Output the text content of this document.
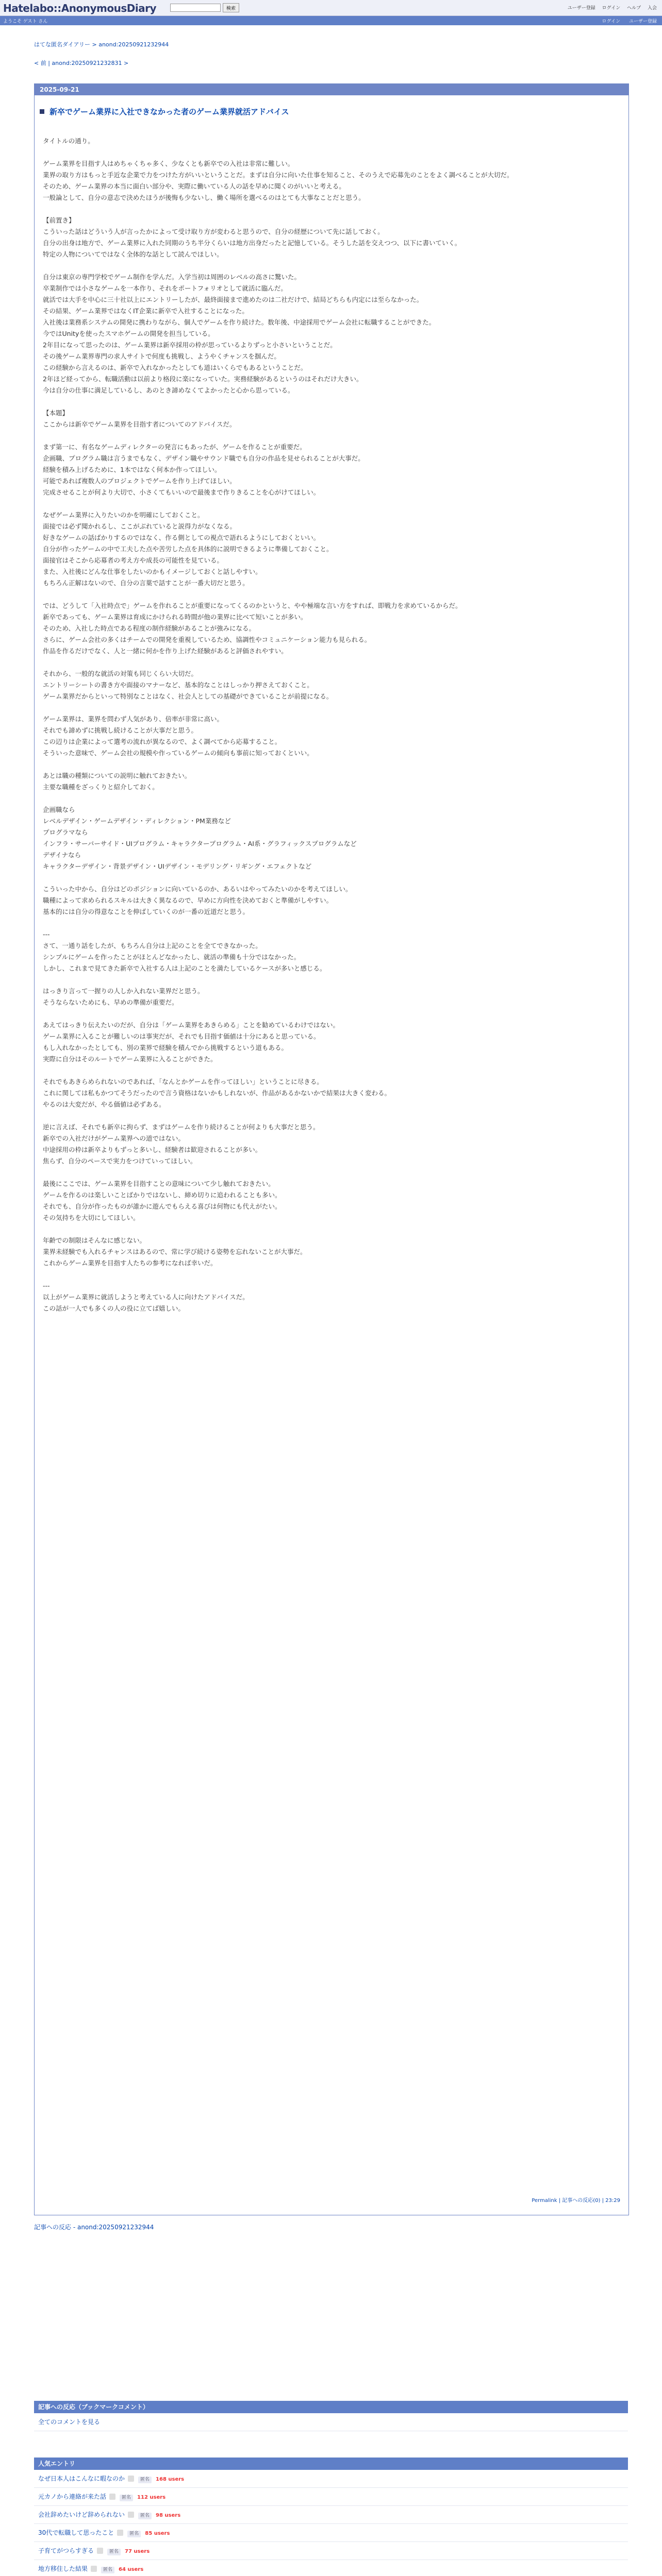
Hatelabo::AnonymousDiary	検索	ユーザー登録 ログイン ヘルプ 入会
ようこそ ゲスト さん	ログイン ユーザー登録
はてな匿名ダイアリー > anond:20250921232944
< 前 | anond:20250921232831 >
2025-09-21
新卒でゲーム業界に入社できなかった者のゲーム業界就活アドバイス
タイトルの通り。
ゲーム業界を目指す人はめちゃくちゃ多く、少なくとも新卒での入社は非常に難しい。
業界の取り方はもっと手近な企業で力をつけた方がいいということだ。まずは自分に向いた仕事を知ること、そのうえで応募先のことをよく調べることが大切だ。
そのため、ゲーム業界の本当に面白い部分や、実際に働いている人の話を早めに聞くのがいいと考える。
一般論として、自分の意志で決めたほうが後悔も少ないし、働く場所を選べるのはとても大事なことだと思う。
【前置き】
こういった話はどういう人が言ったかによって受け取り方が変わると思うので、自分の経歴について先に話しておく。
自分の出身は地方で、ゲーム業界に入れた同期のうち半分くらいは地方出身だったと記憶している。そうした話を交えつつ、以下に書いていく。
特定の人物についてではなく全体的な話として読んでほしい。
自分は東京の専門学校でゲーム制作を学んだ。入学当初は周囲のレベルの高さに驚いた。
卒業制作では小さなゲームを一本作り、それをポートフォリオとして就活に臨んだ。
就活では大手を中心に三十社以上にエントリーしたが、最終面接まで進めたのは二社だけで、結局どちらも内定には至らなかった。
その結果、ゲーム業界ではなくIT企業に新卒で入社することになった。
入社後は業務系システムの開発に携わりながら、個人でゲームを作り続けた。数年後、中途採用でゲーム会社に転職することができた。
今ではUnityを使ったスマホゲームの開発を担当している。
2年目になって思ったのは、ゲーム業界は新卒採用の枠が思っているよりずっと小さいということだ。
その後ゲーム業界専門の求人サイトで何度も挑戦し、ようやくチャンスを掴んだ。
この経験から言えるのは、新卒で入れなかったとしても道はいくらでもあるということだ。
2年ほど経ってから、転職活動は以前より格段に楽になっていた。実務経験があるというのはそれだけ大きい。
今は自分の仕事に満足しているし、あのとき諦めなくてよかったと心から思っている。
【本題】
ここからは新卒でゲーム業界を目指す者についてのアドバイスだ。
まず第一に、有名なゲームディレクターの発言にもあったが、ゲームを作ることが重要だ。
企画職、プログラム職は言うまでもなく、デザイン職やサウンド職でも自分の作品を見せられることが大事だ。
経験を積み上げるために、1本ではなく何本か作ってほしい。
可能であれば複数人のプロジェクトでゲームを作り上げてほしい。
完成させることが何より大切で、小さくてもいいので最後まで作りきることを心がけてほしい。
なぜゲーム業界に入りたいのかを明確にしておくこと。
面接では必ず聞かれるし、ここがぶれていると説得力がなくなる。
好きなゲームの話ばかりするのではなく、作る側としての視点で語れるようにしておくといい。
自分が作ったゲームの中で工夫した点や苦労した点を具体的に説明できるように準備しておくこと。
面接官はそこから応募者の考え方や成長の可能性を見ている。
また、入社後にどんな仕事をしたいのかもイメージしておくと話しやすい。
もちろん正解はないので、自分の言葉で話すことが一番大切だと思う。
では、どうして「入社時点で」ゲームを作れることが重要になってくるのかというと、やや極端な言い方をすれば、即戦力を求めているからだ。
新卒であっても、ゲーム業界は育成にかけられる時間が他の業界に比べて短いことが多い。
そのため、入社した時点である程度の制作経験があることが強みになる。
さらに、ゲーム会社の多くはチームでの開発を重視しているため、協調性やコミュニケーション能力も見られる。
作品を作るだけでなく、人と一緒に何かを作り上げた経験があると評価されやすい。
それから、一般的な就活の対策も同じくらい大切だ。
エントリーシートの書き方や面接のマナーなど、基本的なことはしっかり押さえておくこと。
ゲーム業界だからといって特別なことはなく、社会人としての基礎ができていることが前提になる。
ゲーム業界は、業界を問わず人気があり、倍率が非常に高い。
それでも諦めずに挑戦し続けることが大事だと思う。
この辺りは企業によって選考の流れが異なるので、よく調べてから応募すること。
そういった意味で、ゲーム会社の規模や作っているゲームの傾向も事前に知っておくといい。
あとは職の種類についての説明に触れておきたい。
主要な職種をざっくりと紹介しておく。
企画職なら
レベルデザイン・ゲームデザイン・ディレクション・PM業務など
プログラマなら
インフラ・サーバーサイド・UIプログラム・キャラクタープログラム・AI系・グラフィックスプログラムなど
デザイナなら
キャラクターデザイン・背景デザイン・UIデザイン・モデリング・リギング・エフェクトなど
こういった中から、自分はどのポジションに向いているのか、あるいはやってみたいのかを考えてほしい。
職種によって求められるスキルは大きく異なるので、早めに方向性を決めておくと準備がしやすい。
基本的には自分の得意なことを伸ばしていくのが一番の近道だと思う。
---
さて、一通り話をしたが、もちろん自分は上記のことを全てできなかった。
シンプルにゲームを作ったことがほとんどなかったし、就活の準備も十分ではなかった。
しかし、これまで見てきた新卒で入社する人は上記のことを満たしているケースが多いと感じる。
はっきり言って一握りの人しか入れない業界だと思う。
そうならないためにも、早めの準備が重要だ。
あえてはっきり伝えたいのだが、自分は「ゲーム業界をあきらめる」ことを勧めているわけではない。
ゲーム業界に入ることが難しいのは事実だが、それでも目指す価値は十分にあると思っている。
もし入れなかったとしても、別の業界で経験を積んでから挑戦するという道もある。
実際に自分はそのルートでゲーム業界に入ることができた。
それでもあきらめられないのであれば、「なんとかゲームを作ってほしい」ということに尽きる。
これに関しては私もかつてそうだったので言う資格はないかもしれないが、作品があるかないかで結果は大きく変わる。
やるのは大変だが、やる価値は必ずある。
逆に言えば、それでも新卒に拘らず、まずはゲームを作り続けることが何よりも大事だと思う。
新卒での入社だけがゲーム業界への道ではない。
中途採用の枠は新卒よりもずっと多いし、経験者は歓迎されることが多い。
焦らず、自分のペースで実力をつけていってほしい。
最後にここでは、ゲーム業界を目指すことの意味について少し触れておきたい。
ゲームを作るのは楽しいことばかりではないし、締め切りに追われることも多い。
それでも、自分が作ったものが誰かに遊んでもらえる喜びは何物にも代えがたい。
その気持ちを大切にしてほしい。
年齢での制限はそんなに感じない。
業界未経験でも入れるチャンスはあるので、常に学び続ける姿勢を忘れないことが大事だ。
これからゲーム業界を目指す人たちの参考になれば幸いだ。
---
以上がゲーム業界に就活しようと考えている人に向けたアドバイスだ。
この話が一人でも多くの人の役に立てば嬉しい。
Permalink | 記事への反応(0) | 23:29
記事への反応 - anond:20250921232944
記事への反応（ブックマークコメント）
全てのコメントを見る
人気エントリ
なぜ日本人はこんなに暇なのか	匿名 168 users
元カノから連絡が来た話	匿名 112 users
会社辞めたいけど辞められない	匿名 98 users
30代で転職して思ったこと	匿名 85 users
子育てがつらすぎる	匿名 77 users
地方移住した結果	匿名 64 users
